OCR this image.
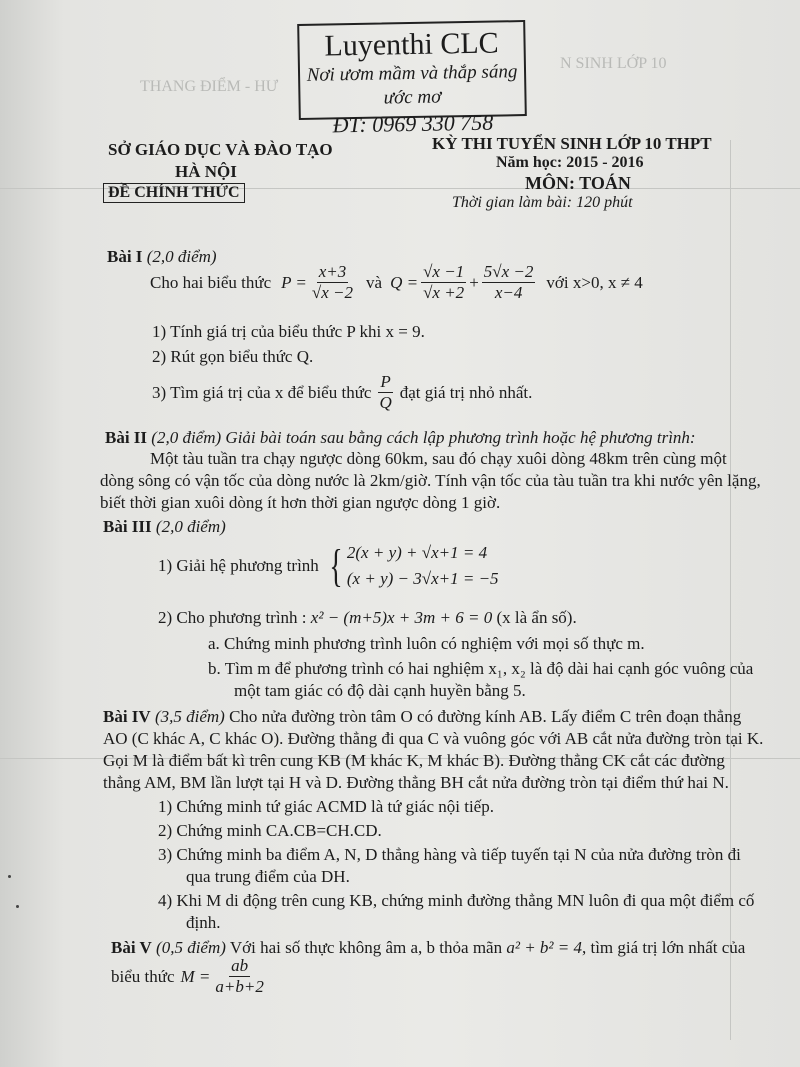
THANG ĐIỂM - HƯ
N SINH LỚP 10
Luyenthi CLC
Nơi ươm mầm và thắp sáng ước mơ
ĐT: 0969 330 758
SỞ GIÁO DỤC VÀ ĐÀO TẠO
HÀ NỘI
ĐỀ CHÍNH THỨC
KỲ THI TUYỂN SINH LỚP 10 THPT
Năm học: 2015 - 2016
MÔN: TOÁN
Thời gian làm bài: 120 phút
Bài I (2,0 điểm)
Cho hai biểu thức $P = \frac{x+3}{√x -2}$ và $Q = \frac{√x -1}{√x +2} + \frac{5√x -2}{x-4}$ với x>0, x ≠ 4
1) Tính giá trị của biểu thức P khi x = 9.
2) Rút gọn biểu thức Q.
3) Tìm giá trị của x để biểu thức $\frac{P}{Q}$ đạt giá trị nhỏ nhất.
Bài II (2,0 điểm) Giải bài toán sau bằng cách lập phương trình hoặc hệ phương trình:
Một tàu tuần tra chạy ngược dòng 60km, sau đó chạy xuôi dòng 48km trên cùng một
dòng sông có vận tốc của dòng nước là 2km/giờ. Tính vận tốc của tàu tuần tra khi nước yên lặng,
biết thời gian xuôi dòng ít hơn thời gian ngược dòng 1 giờ.
Bài III (2,0 điểm)
1) Giải hệ phương trình { 2(x + y) + √x+1 = 4
(x + y) − 3√x+1 = −5
2) Cho phương trình : x² − (m+5)x + 3m + 6 = 0 (x là ẩn số).
a. Chứng minh phương trình luôn có nghiệm với mọi số thực m.
b. Tìm m để phương trình có hai nghiệm x₁, x₂ là độ dài hai cạnh góc vuông của
một tam giác có độ dài cạnh huyền bằng 5.
Bài IV (3,5 điểm) Cho nửa đường tròn tâm O có đường kính AB. Lấy điểm C trên đoạn thẳng
AO (C khác A, C khác O). Đường thẳng đi qua C và vuông góc với AB cắt nửa đường tròn tại K.
Gọi M là điểm bất kì trên cung KB (M khác K, M khác B). Đường thẳng CK cắt các đường
thẳng AM, BM lần lượt tại H và D. Đường thẳng BH cắt nửa đường tròn tại điểm thứ hai N.
1) Chứng minh tứ giác ACMD là tứ giác nội tiếp.
2) Chứng minh CA.CB=CH.CD.
3) Chứng minh ba điểm A, N, D thẳng hàng và tiếp tuyến tại N của nửa đường tròn đi
qua trung điểm của DH.
4) Khi M di động trên cung KB, chứng minh đường thẳng MN luôn đi qua một điểm cố
định.
Bài V (0,5 điểm) Với hai số thực không âm a, b thỏa mãn a² + b² = 4, tìm giá trị lớn nhất của
biểu thức $M = \frac{ab}{a+b+2}$
